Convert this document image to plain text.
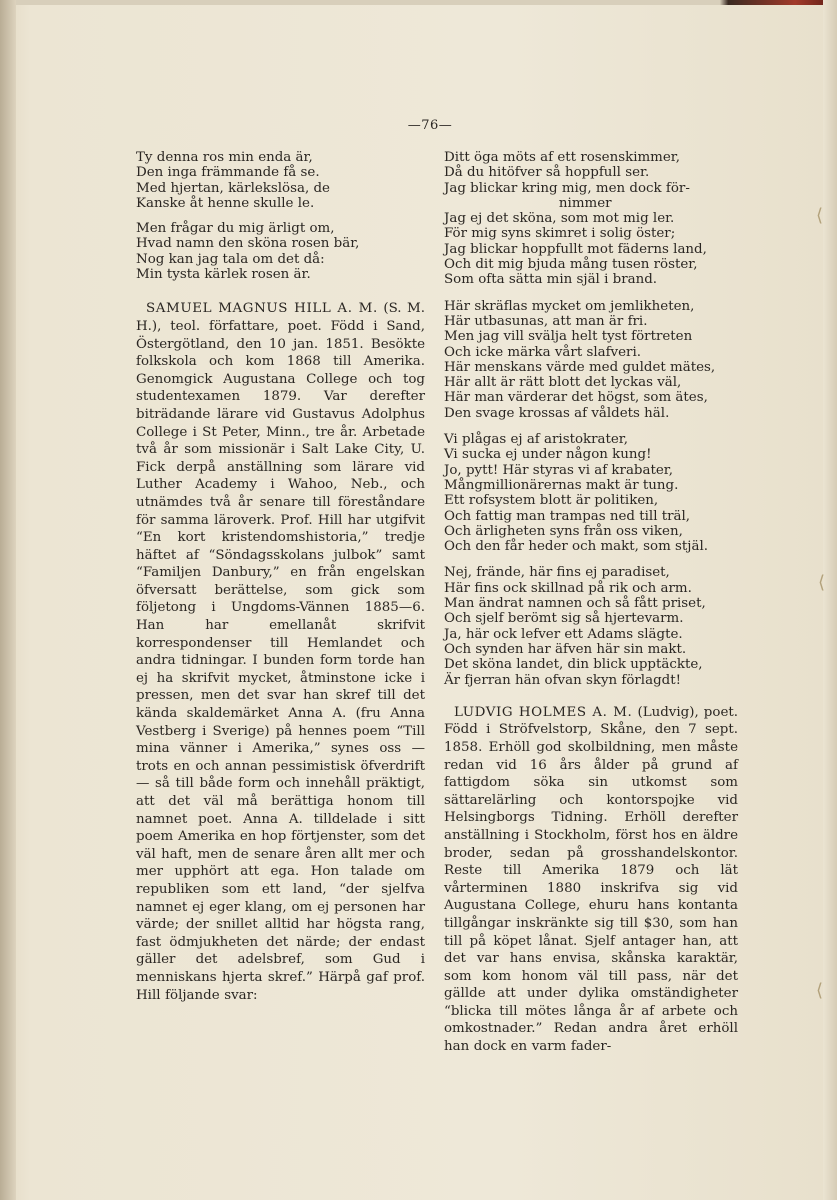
—76—
Ty denna ros min enda är,
Den inga främmande få se.
Med hjertan, kärlekslösa, de
Kanske åt henne skulle le.
Men frågar du mig ärligt om,
Hvad namn den sköna rosen bär,
Nog kan jag tala om det då:
Min tysta kärlek rosen är.

SAMUEL MAGNUS HILL A. M. (S. M. H.), teol. författare, poet. Född i Sand, Östergötland, den 10 jan. 1851. Besökte folkskola och kom 1868 till Amerika. Genomgick Augustana College och tog studentexamen 1879. Var derefter biträdande lärare vid Gustavus Adolphus College i St Peter, Minn., tre år. Arbetade två år som missionär i Salt Lake City, U. Fick derpå anställning som lärare vid Luther Academy i Wahoo, Neb., och utnämdes två år senare till föreståndare för samma läroverk. Prof. Hill har utgifvit “En kort kristendomshistoria,” tredje häftet af “Söndagsskolans julbok” samt “Familjen Danbury,” en från engelskan öfversatt berättelse, som gick som följetong i Ungdoms-Vännen 1885—6. Han har emellanåt skrifvit korrespondenser till Hemlandet och andra tidningar. I bunden form torde han ej ha skrifvit mycket, åtminstone icke i pressen, men det svar han skref till det kända skaldemärket Anna A. (fru Anna Vestberg i Sverige) på hennes poem “Till mina vänner i Amerika,” synes oss — trots en och annan pessimistisk öfverdrift — så till både form och innehåll präktigt, att det väl må berättiga honom till namnet poet. Anna A. tilldelade i sitt poem Amerika en hop förtjenster, som det väl haft, men de senare åren allt mer och mer upphört att ega. Hon talade om republiken som ett land, “der sjelfva namnet ej eger klang, om ej personen har värde; der snillet alltid har högsta rang, fast ödmjukheten det närde; der endast gäller det adelsbref, som Gud i menniskans hjerta skref.” Härpå gaf prof. Hill följande svar:

Ditt öga möts af ett rosenskimmer,
Då du hitöfver så hoppfull ser.
Jag blickar kring mig, men dock för-
nimmer
Jag ej det sköna, som mot mig ler.
För mig syns skimret i solig öster;
Jag blickar hoppfullt mot fäderns land,
Och dit mig bjuda mång tusen röster,
Som ofta sätta min själ i brand.
Här skräflas mycket om jemlikheten,
Här utbasunas, att man är fri.
Men jag vill svälja helt tyst förtreten
Och icke märka vårt slafveri.
Här menskans värde med guldet mätes,
Här allt är rätt blott det lyckas väl,
Här man värderar det högst, som ätes,
Den svage krossas af våldets häl.
Vi plågas ej af aristokrater,
Vi sucka ej under någon kung!
Jo, pytt! Här styras vi af krabater,
Mångmillionärernas makt är tung.
Ett rofsystem blott är politiken,
Och fattig man trampas ned till träl,
Och ärligheten syns från oss viken,
Och den får heder och makt, som stjäl.
Nej, frände, här fins ej paradiset,
Här fins ock skillnad på rik och arm.
Man ändrat namnen och så fått priset,
Och sjelf berömt sig så hjertevarm.
Ja, här ock lefver ett Adams slägte.
Och synden har äfven här sin makt.
Det sköna landet, din blick upptäckte,
Är fjerran hän ofvan skyn förlagdt!

LUDVIG HOLMES A. M. (Ludvig), poet. Född i Ströfvelstorp, Skåne, den 7 sept. 1858. Erhöll god skolbildning, men måste redan vid 16 års ålder på grund af fattigdom söka sin utkomst som sättarelärling och kontorspojke vid Helsingborgs Tidning. Erhöll derefter anställning i Stockholm, först hos en äldre broder, sedan på grosshandelskontor. Reste till Amerika 1879 och lät vårterminen 1880 inskrifva sig vid Augustana College, ehuru hans kontanta tillgångar inskränkte sig till $30, som han till på köpet lånat. Sjelf antager han, att det var hans envisa, skånska karaktär, som kom honom väl till pass, när det gällde att under dylika omständigheter “blicka till mötes långa år af arbete och omkostnader.” Redan andra året erhöll han dock en varm fader-

⟨
⟨
⟨
